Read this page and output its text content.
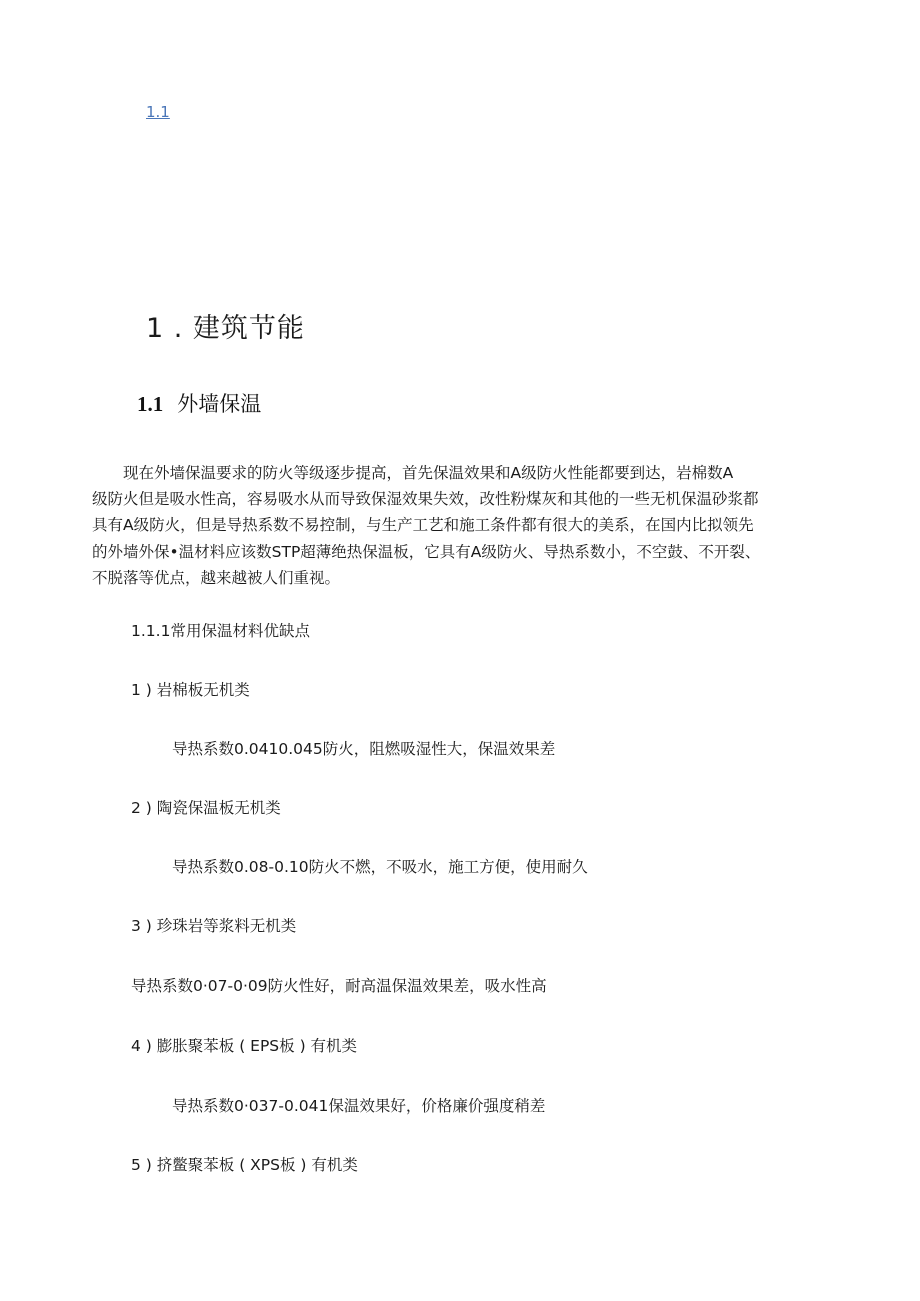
1.1
1 . 建筑节能
1.1 外墙保温
　　现在外墙保温要求的防火等级逐步提高，首先保温效果和A级防火性能都要到达，岩棉数A
级防火但是吸水性高，容易吸水从而导致保湿效果失效，改性粉煤灰和其他的一些无机保温砂浆都
具有A级防火，但是导热系数不易控制，与生产工艺和施工条件都有很大的美系，在国内比拟领先
的外墙外保•温材料应该数STP超薄绝热保温板，它具有A级防火、导热系数小，不空鼓、不开裂、
不脱落等优点，越来越被人们重视。
1.1.1常用保温材料优缺点
1 ) 岩棉板无机类
导热系数0.0410.045防火，阻燃吸湿性大，保温效果差
2 ) 陶瓷保温板无机类
导热系数0.08-0.10防火不燃，不吸水，施工方便，使用耐久
3 ) 珍珠岩等浆料无机类
导热系数0·07-0·09防火性好，耐高温保温效果差，吸水性高
4 ) 膨胀聚苯板 ( EPS板 ) 有机类
导热系数0·037-0.041保温效果好，价格廉价强度稍差
5 ) 挤鳖聚苯板 ( XPS板 ) 有机类
